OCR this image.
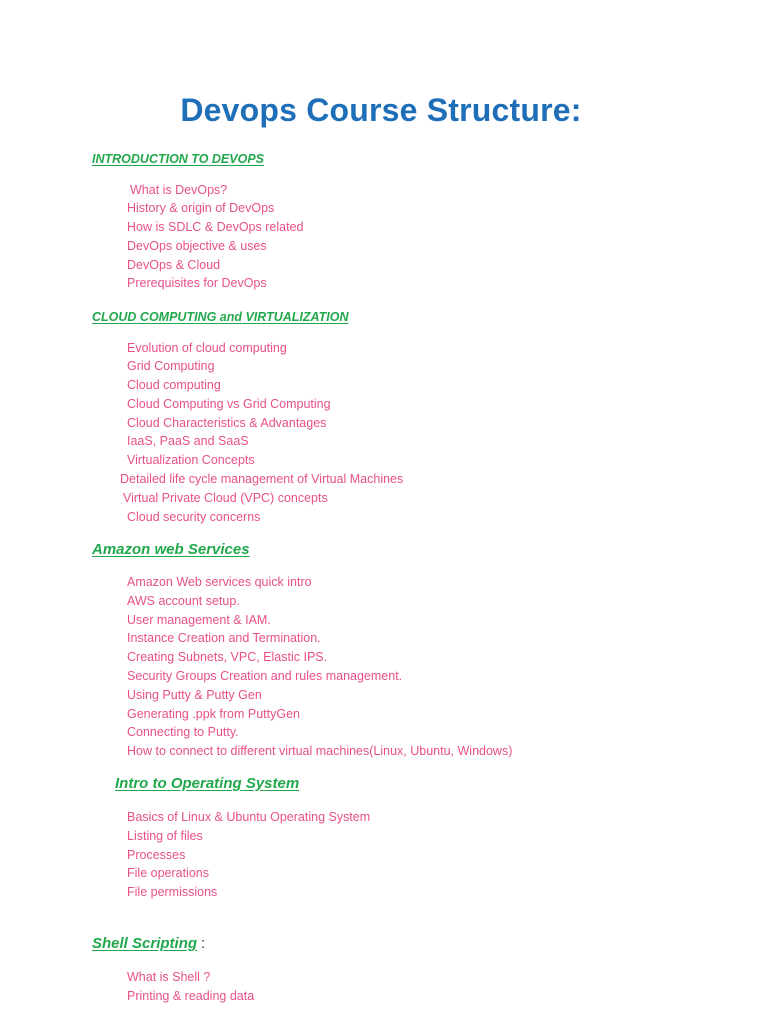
Devops Course Structure:
INTRODUCTION TO DEVOPS
What is DevOps?
History & origin of DevOps
How is SDLC & DevOps related
DevOps objective & uses
DevOps & Cloud
Prerequisites for DevOps
CLOUD COMPUTING and VIRTUALIZATION
Evolution of cloud computing
Grid Computing
Cloud computing
Cloud Computing vs Grid Computing
Cloud Characteristics & Advantages
IaaS, PaaS and SaaS
Virtualization Concepts
Detailed life cycle management of Virtual Machines
Virtual Private Cloud (VPC) concepts
Cloud security concerns
Amazon web Services
Amazon Web services quick intro
AWS account setup.
User management & IAM.
Instance Creation and Termination.
Creating Subnets, VPC, Elastic IPS.
Security Groups Creation and rules management.
Using Putty & Putty Gen
Generating .ppk from PuttyGen
Connecting to Putty.
How to connect to different virtual machines(Linux, Ubuntu, Windows)
Intro to Operating System
Basics of Linux & Ubuntu Operating System
Listing of files
Processes
File operations
File permissions
Shell Scripting :
What is Shell ?
Printing & reading data
